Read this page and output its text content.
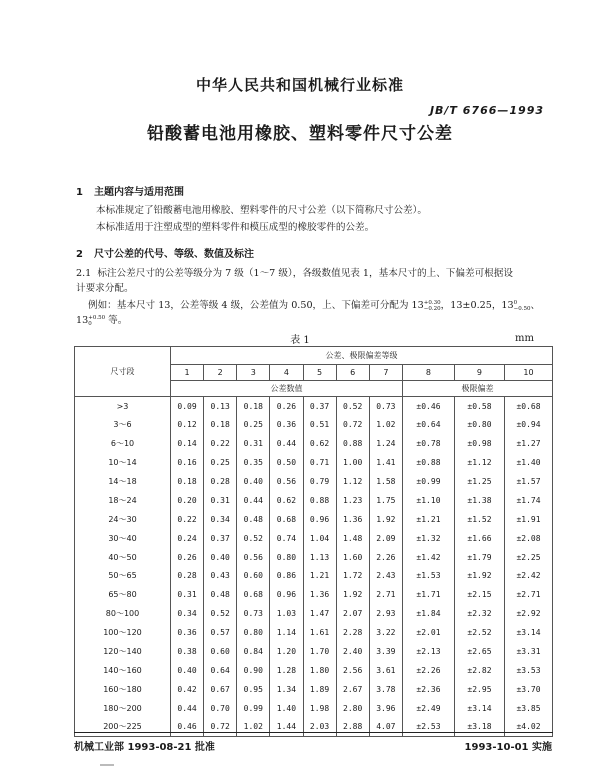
中华人民共和国机械行业标准
JB/T 6766—1993
铅酸蓄电池用橡胶、塑料零件尺寸公差
1 主题内容与适用范围
本标准规定了铅酸蓄电池用橡胶、塑料零件的尺寸公差（以下简称尺寸公差）。
本标准适用于注塑成型的塑料零件和模压成型的橡胶零件的公差。
2 尺寸公差的代号、等级、数值及标注
2.1 标注公差尺寸的公差等级分为 7 级（1～7 级），各级数值见表 1，基本尺寸的上、下偏差可根据设
计要求分配。
例如：基本尺寸 13，公差等级 4 级，公差值为 0.50，上、下偏差可分配为 13 +0.30
−0.20 ，13±0.25，13 0
−0.50 、
13 +0.50
0	等。
表 1	mm
尺寸段	公差、极限偏差等级									
	1	2	3	4	5	6	7	8	9	10
	公差数值							极限偏差		
>3	0.09	0.13	0.18	0.26	0.37	0.52	0.73	±0.46	±0.58	±0.68
3～6	0.12	0.18	0.25	0.36	0.51	0.72	1.02	±0.64	±0.80	±0.94
6～10	0.14	0.22	0.31	0.44	0.62	0.88	1.24	±0.78	±0.98	±1.27
10～14	0.16	0.25	0.35	0.50	0.71	1.00	1.41	±0.88	±1.12	±1.40
14～18	0.18	0.28	0.40	0.56	0.79	1.12	1.58	±0.99	±1.25	±1.57
18～24	0.20	0.31	0.44	0.62	0.88	1.23	1.75	±1.10	±1.38	±1.74
24～30	0.22	0.34	0.48	0.68	0.96	1.36	1.92	±1.21	±1.52	±1.91
30～40	0.24	0.37	0.52	0.74	1.04	1.48	2.09	±1.32	±1.66	±2.08
40～50	0.26	0.40	0.56	0.80	1.13	1.60	2.26	±1.42	±1.79	±2.25
50～65	0.28	0.43	0.60	0.86	1.21	1.72	2.43	±1.53	±1.92	±2.42
65～80	0.31	0.48	0.68	0.96	1.36	1.92	2.71	±1.71	±2.15	±2.71
80～100	0.34	0.52	0.73	1.03	1.47	2.07	2.93	±1.84	±2.32	±2.92
100～120	0.36	0.57	0.80	1.14	1.61	2.28	3.22	±2.01	±2.52	±3.14
120～140	0.38	0.60	0.84	1.20	1.70	2.40	3.39	±2.13	±2.65	±3.31
140～160	0.40	0.64	0.90	1.28	1.80	2.56	3.61	±2.26	±2.82	±3.53
160～180	0.42	0.67	0.95	1.34	1.89	2.67	3.78	±2.36	±2.95	±3.70
180～200	0.44	0.70	0.99	1.40	1.98	2.80	3.96	±2.49	±3.14	±3.85
200～225	0.46	0.72	1.02	1.44	2.03	2.88	4.07	±2.53	±3.18	±4.02
机械工业部 1993-08-21 批准	1993-10-01 实施
